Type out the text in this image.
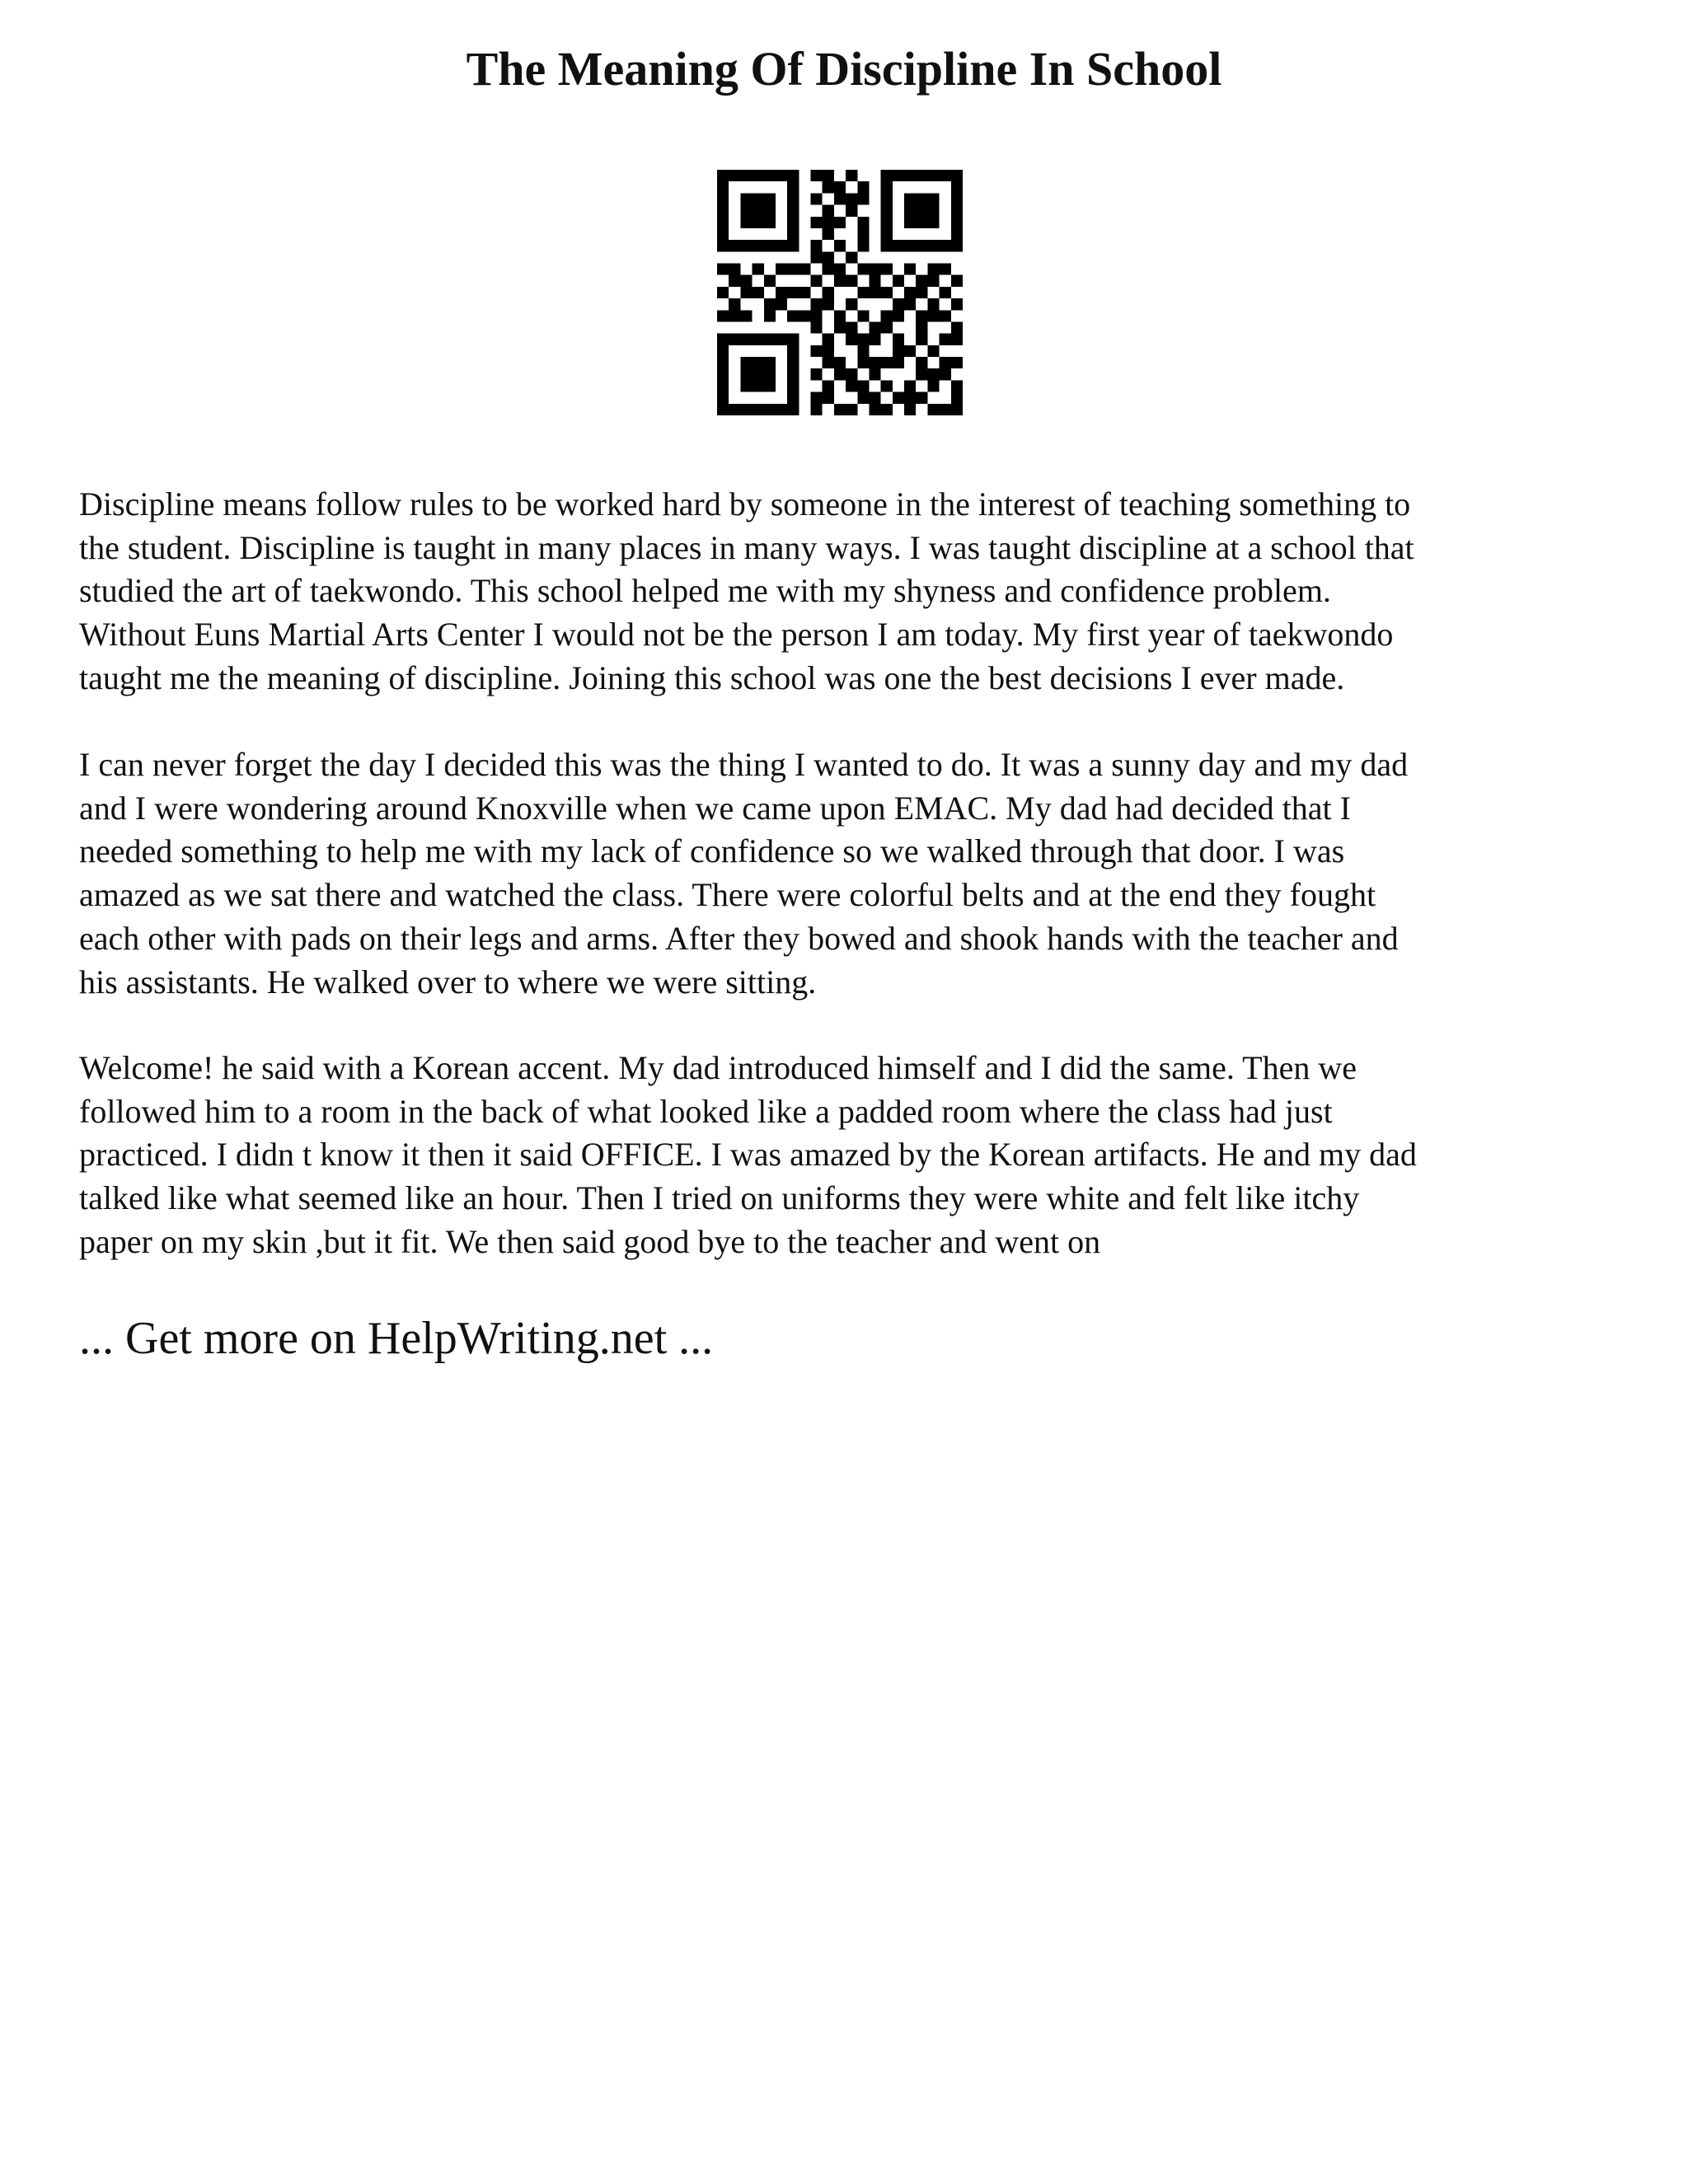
The Meaning Of Discipline In School

Discipline means follow rules to be worked hard by someone in the interest of teaching something to
the student. Discipline is taught in many places in many ways. I was taught discipline at a school that
studied the art of taekwondo. This school helped me with my shyness and confidence problem.
Without Euns Martial Arts Center I would not be the person I am today. My first year of taekwondo
taught me the meaning of discipline. Joining this school was one the best decisions I ever made.

I can never forget the day I decided this was the thing I wanted to do. It was a sunny day and my dad
and I were wondering around Knoxville when we came upon EMAC. My dad had decided that I
needed something to help me with my lack of confidence so we walked through that door. I was
amazed as we sat there and watched the class. There were colorful belts and at the end they fought
each other with pads on their legs and arms. After they bowed and shook hands with the teacher and
his assistants. He walked over to where we were sitting.

Welcome! he said with a Korean accent. My dad introduced himself and I did the same. Then we
followed him to a room in the back of what looked like a padded room where the class had just
practiced. I didn t know it then it said OFFICE. I was amazed by the Korean artifacts. He and my dad
talked like what seemed like an hour. Then I tried on uniforms they were white and felt like itchy
paper on my skin ,but it fit. We then said good bye to the teacher and went on

... Get more on HelpWriting.net ...
